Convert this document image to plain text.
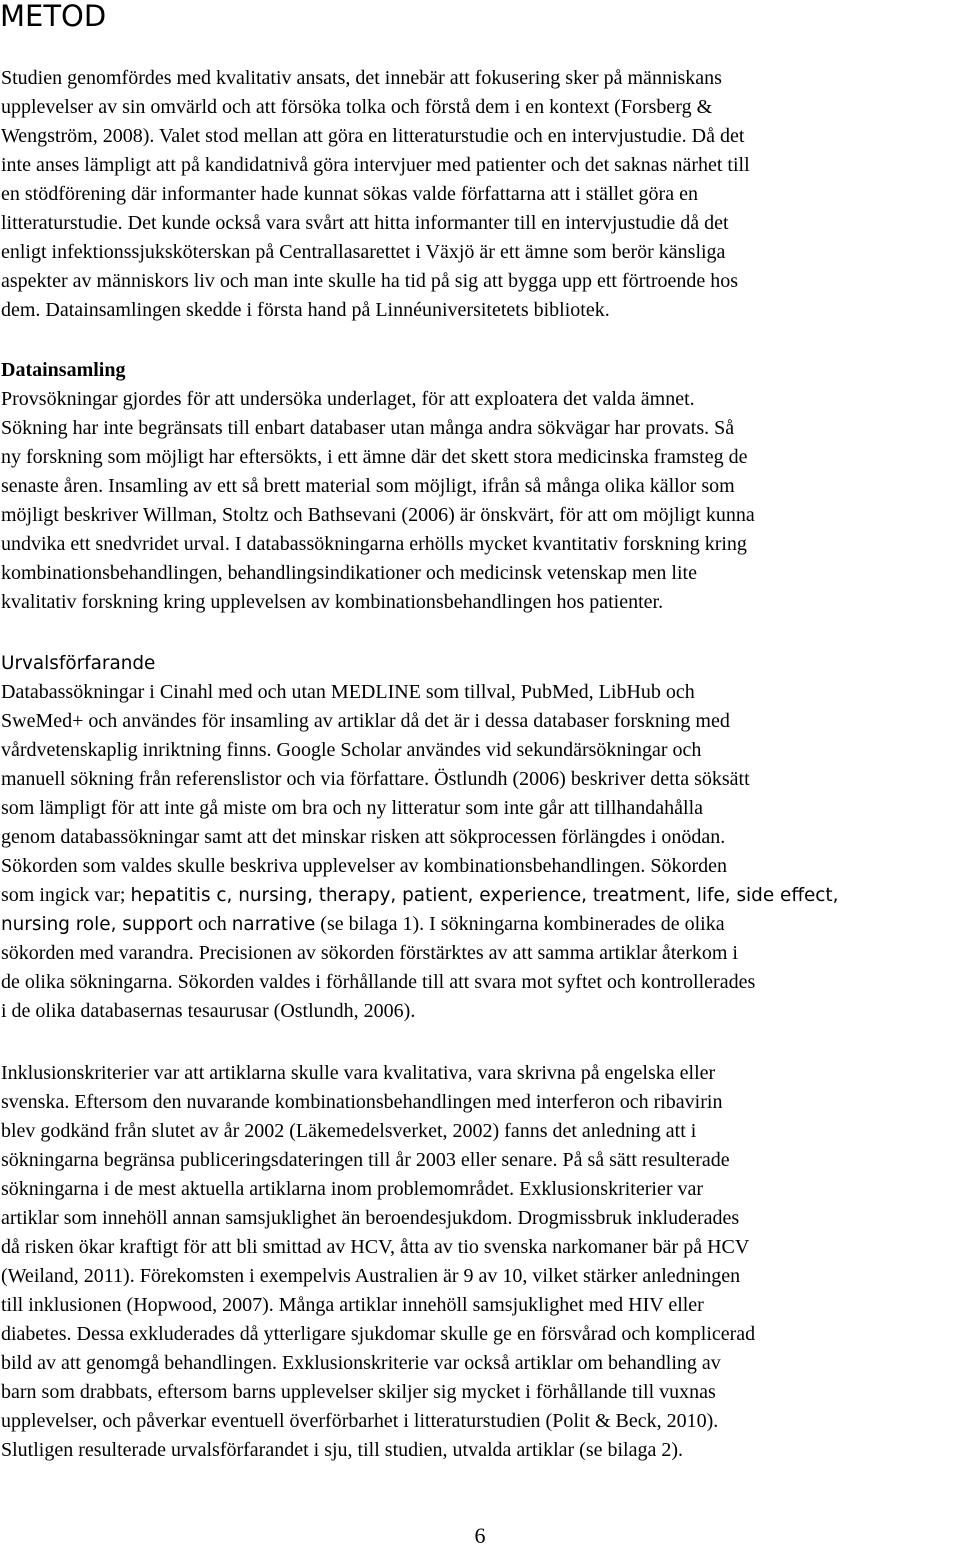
METOD

Studien genomfördes med kvalitativ ansats, det innebär att fokusering sker på människans
upplevelser av sin omvärld och att försöka tolka och förstå dem i en kontext (Forsberg &
Wengström, 2008). Valet stod mellan att göra en litteraturstudie och en intervjustudie. Då det
inte anses lämpligt att på kandidatnivå göra intervjuer med patienter och det saknas närhet till
en stödförening där informanter hade kunnat sökas valde författarna att i stället göra en
litteraturstudie. Det kunde också vara svårt att hitta informanter till en intervjustudie då det
enligt infektionssjuksköterskan på Centrallasarettet i Växjö är ett ämne som berör känsliga
aspekter av människors liv och man inte skulle ha tid på sig att bygga upp ett förtroende hos
dem. Datainsamlingen skedde i första hand på Linnéuniversitetets bibliotek.

Datainsamling

Provsökningar gjordes för att undersöka underlaget, för att exploatera det valda ämnet.
Sökning har inte begränsats till enbart databaser utan många andra sökvägar har provats. Så
ny forskning som möjligt har eftersökts, i ett ämne där det skett stora medicinska framsteg de
senaste åren. Insamling av ett så brett material som möjligt, ifrån så många olika källor som
möjligt beskriver Willman, Stoltz och Bathsevani (2006) är önskvärt, för att om möjligt kunna
undvika ett snedvridet urval. I databassökningarna erhölls mycket kvantitativ forskning kring
kombinationsbehandlingen, behandlingsindikationer och medicinsk vetenskap men lite
kvalitativ forskning kring upplevelsen av kombinationsbehandlingen hos patienter.

Urvalsförfarande

Databassökningar i Cinahl med och utan MEDLINE som tillval, PubMed, LibHub och
SweMed+ och användes för insamling av artiklar då det är i dessa databaser forskning med
vårdvetenskaplig inriktning finns. Google Scholar användes vid sekundärsökningar och
manuell sökning från referenslistor och via författare. Östlundh (2006) beskriver detta söksätt
som lämpligt för att inte gå miste om bra och ny litteratur som inte går att tillhandahålla
genom databassökningar samt att det minskar risken att sökprocessen förlängdes i onödan.
Sökorden som valdes skulle beskriva upplevelser av kombinationsbehandlingen. Sökorden
som ingick var; hepatitis c, nursing, therapy, patient, experience, treatment, life, side effect,
nursing role, support och narrative (se bilaga 1). I sökningarna kombinerades de olika
sökorden med varandra. Precisionen av sökorden förstärktes av att samma artiklar återkom i
de olika sökningarna. Sökorden valdes i förhållande till att svara mot syftet och kontrollerades
i de olika databasernas tesaurusar (Ostlundh, 2006).

Inklusionskriterier var att artiklarna skulle vara kvalitativa, vara skrivna på engelska eller
svenska. Eftersom den nuvarande kombinationsbehandlingen med interferon och ribavirin
blev godkänd från slutet av år 2002 (Läkemedelsverket, 2002) fanns det anledning att i
sökningarna begränsa publiceringsdateringen till år 2003 eller senare. På så sätt resulterade
sökningarna i de mest aktuella artiklarna inom problemområdet. Exklusionskriterier var
artiklar som innehöll annan samsjuklighet än beroendesjukdom. Drogmissbruk inkluderades
då risken ökar kraftigt för att bli smittad av HCV, åtta av tio svenska narkomaner bär på HCV
(Weiland, 2011). Förekomsten i exempelvis Australien är 9 av 10, vilket stärker anledningen
till inklusionen (Hopwood, 2007). Många artiklar innehöll samsjuklighet med HIV eller
diabetes. Dessa exkluderades då ytterligare sjukdomar skulle ge en försvårad och komplicerad
bild av att genomgå behandlingen. Exklusionskriterie var också artiklar om behandling av
barn som drabbats, eftersom barns upplevelser skiljer sig mycket i förhållande till vuxnas
upplevelser, och påverkar eventuell överförbarhet i litteraturstudien (Polit & Beck, 2010).
Slutligen resulterade urvalsförfarandet i sju, till studien, utvalda artiklar (se bilaga 2).

6
